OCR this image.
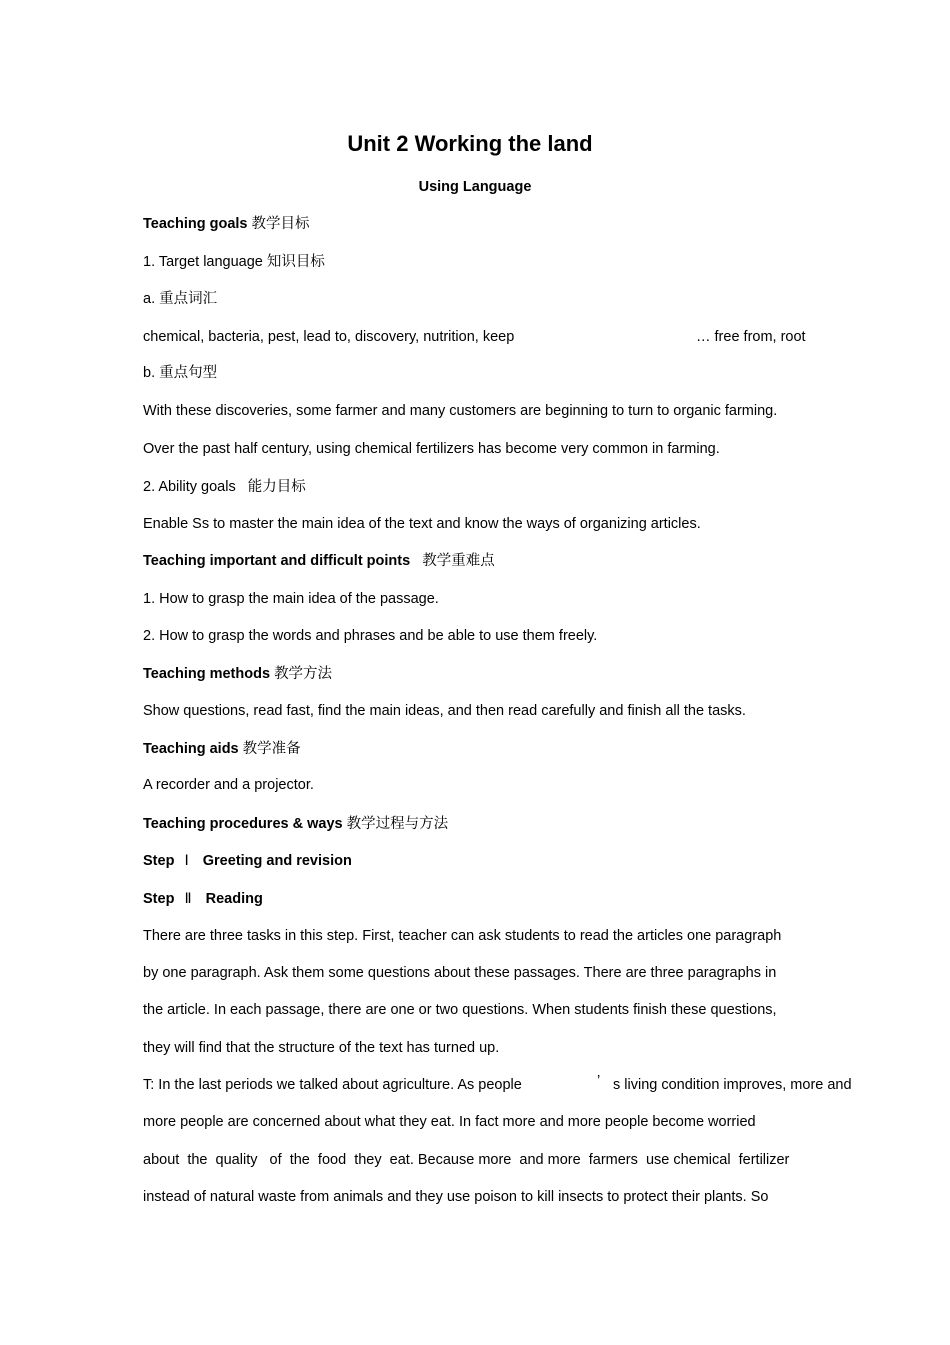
Unit 2 Working the land
Using Language
Teaching goals 教学目标
1. Target language 知识目标
a. 重点词汇
chemical, bacteria, pest, lead to, discovery, nutrition, keep	… free from, root
b. 重点句型
With these discoveries, some farmer and many customers are beginning to turn to organic farming.
Over the past half century, using chemical fertilizers has become very common in farming.
2. Ability goals 能力目标
Enable Ss to master the main idea of the text and know the ways of organizing articles.
Teaching important and difficult points 教学重难点
1. How to grasp the main idea of the passage.
2. How to grasp the words and phrases and be able to use them freely.
Teaching methods 教学方法
Show questions, read fast, find the main ideas, and then read carefully and finish all the tasks.
Teaching aids 教学准备
A recorder and a projector.
Teaching procedures & ways 教学过程与方法
Step Ⅰ Greeting and revision
Step Ⅱ Reading
There are three tasks in this step. First, teacher can ask students to read the articles one paragraph
by one paragraph. Ask them some questions about these passages. There are three paragraphs in
the article. In each passage, there are one or two questions. When students finish these questions,
they will find that the structure of the text has turned up.
T: In the last periods we talked about agriculture. As people	’ s living condition improves, more and
more people are concerned about what they eat. In fact more and more people become worried
about  the  quality   of  the  food  they  eat. Because more  and more  farmers  use chemical  fertilizer
instead of natural waste from animals and they use poison to kill insects to protect their plants. So
